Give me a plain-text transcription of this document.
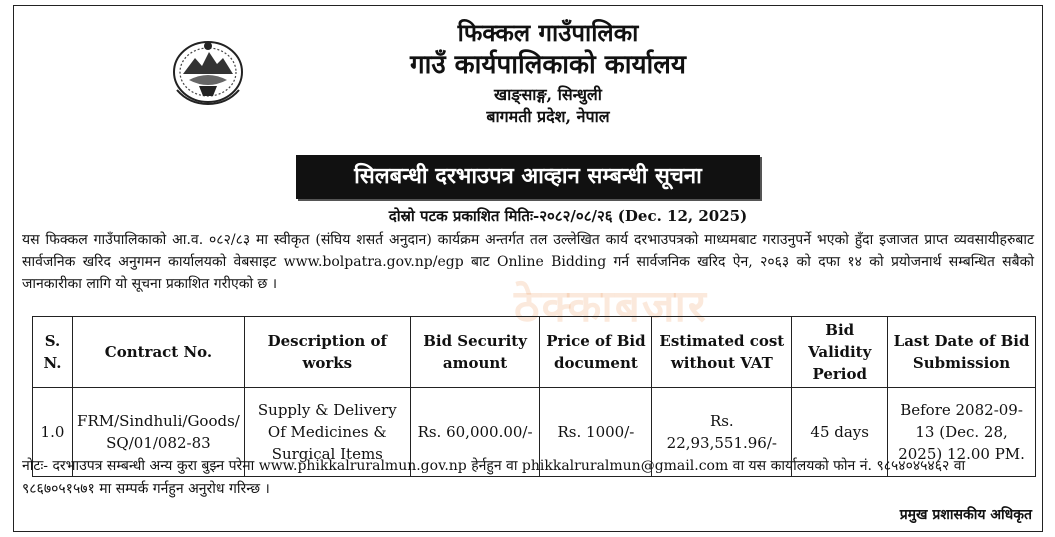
फिक्कल गाउँपालिका
गाउँ कार्यपालिकाको कार्यालय
खाङ्साङ्ग, सिन्धुली
बागमती प्रदेश, नेपाल
सिलबन्धी दरभाउपत्र आव्हान सम्बन्धी सूचना
दोस्रो पटक प्रकाशित मितिः-२०८२/०८/२६ (Dec. 12, 2025)
यस फिक्कल गाउँपालिकाको आ.व. ०८२/८३ मा स्वीकृत (संघिय शसर्त अनुदान) कार्यक्रम अन्तर्गत तल उल्लेखित कार्य दरभाउपत्रको माध्यमबाट गराउनुपर्ने भएको हुँदा इजाजत प्राप्त व्यवसायीहरुबाट सार्वजनिक खरिद अनुगमन कार्यालयको वेबसाइट www.bolpatra.gov.np/egp बाट Online Bidding गर्न सार्वजनिक खरिद ऐन, २०६३ को दफा १४ को प्रयोजनार्थ सम्बन्धित सबैको जानकारीका लागि यो सूचना प्रकाशित गरीएको छ ।	ठेक्काबजार
S. N.	Contract No.	Description of works	Bid Security amount	Price of Bid document	Estimated cost without VAT	Bid Validity Period	Last Date of Bid Submission
1.0	FRM/Sindhuli/Goods/ SQ/01/082-83	Supply & Delivery Of Medicines & Surgical Items	Rs. 60,000.00/-	Rs. 1000/-	Rs. 22,93,551.96/-	45 days	Before 2082-09-13 (Dec. 28, 2025) 12.00 PM.
नोटः- दरभाउपत्र सम्बन्धी अन्य कुरा बुझ्न परेमा www.phikkalruralmun.gov.np हेर्नहुन वा phikkalruralmun@gmail.com वा यस कार्यालयको फोन नं. ९८५४०४५४६२ वा ९८६७०५१५७१ मा सम्पर्क गर्नहुन अनुरोध गरिन्छ ।
प्रमुख प्रशासकीय अधिकृत
